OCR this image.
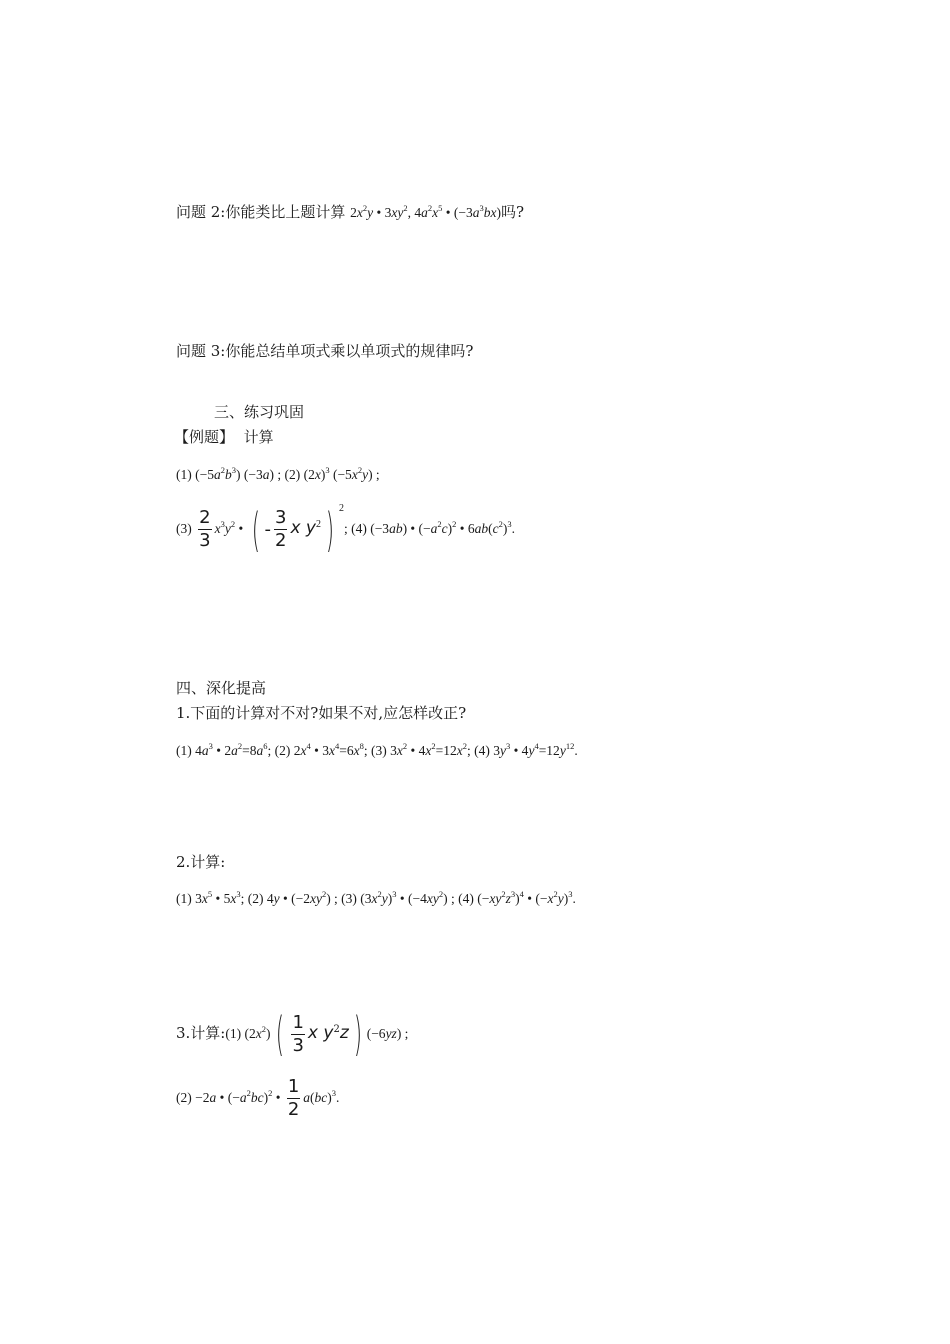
问题 2:你能类比上题计算 $2x^2y$ • $3xy^2$, $4a^2x^5$ • $(-3a^3bx)$吗?
问题 3:你能总结单项式乘以单项式的规律吗?
三、练习巩固
【例题】 计算
(1) $(-5a^2b^3)$ (−3a) ; (2) $(2x)^3$ $(-5x^2y)$ ;
$(3) \frac{2}{3} x^3y^2$ • ( - $\frac{3}{2}$ x $y^2$ ) $^2$; (4) (−3ab) • $(-a^2c)^2$ • $6ab(c^2)^3$.
四、深化提高
1.下面的计算对不对?如果不对,应怎样改正?
(1) $4a^3$ • $2a^2=8a^6$; (2) $2x^4$ • $3x^4=6x^8$; (3) $3x^2$ • $4x^2=12x^2$; (4) $3y^3$ • $4y^4=12y^{12}$.
2.计算:
(1) $3x^5$ • $5x^3$; (2) 4y • $(-2xy^2)$ ; (3) $(3x^2y)^3$ • $(-4xy^2)$ ; (4) $(-xy^2z^3)^4$ • $(-x^2y)^3$.
3.计算:(1) $(2x^2)$ ( $\frac{1}{3}$ x $y^2z$ ) (−6yz) ;
(2) −2a • $(-a^2bc)^2$ • $\frac{1}{2} a(bc)^3$.
